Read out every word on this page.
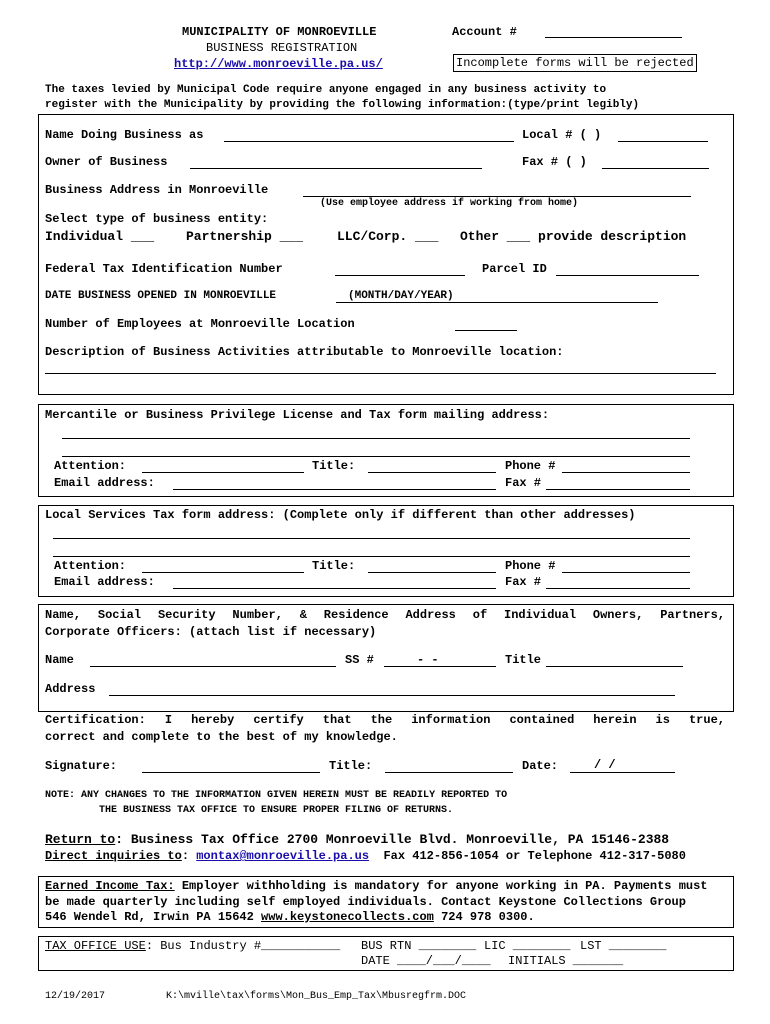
MUNICIPALITY OF MONROEVILLE
BUSINESS REGISTRATION
http://www.monroeville.pa.us/
Account #
Incomplete forms will be rejected
The taxes levied by Municipal Code require anyone engaged in any business activity to
register with the Municipality by providing the following information:(type/print legibly)
Name Doing Business as	Local # ( )
Owner of Business	Fax # ( )
Business Address in Monroeville
(Use employee address if working from home)
Select type of business entity:
Individual ___ Partnership ___	LLC/Corp. ___ Other ___ provide description
Federal Tax Identification Number	Parcel ID
DATE BUSINESS OPENED IN MONROEVILLE	(MONTH/DAY/YEAR)
Number of Employees at Monroeville Location
Description of Business Activities attributable to Monroeville location:
Mercantile or Business Privilege License and Tax form mailing address:
Attention:	Title:	Phone #
Email address:	Fax #
Local Services Tax form address: (Complete only if different than other addresses)
Attention:	Title:	Phone #
Email address:	Fax #
Name, Social Security Number, & Residence Address of Individual Owners, Partners,
Corporate Officers: (attach list if necessary)
Name	SS #	- -	Title
Address
Certification: I hereby certify that the information contained herein is true,
correct and complete to the best of my knowledge.
Signature:	Title:	Date:	/ /
NOTE: ANY CHANGES TO THE INFORMATION GIVEN HEREIN MUST BE READILY REPORTED TO
THE BUSINESS TAX OFFICE TO ENSURE PROPER FILING OF RETURNS.
Return to: Business Tax Office 2700 Monroeville Blvd. Monroeville, PA 15146-2388
Direct inquiries to: montax@monroeville.pa.us Fax 412-856-1054 or Telephone 412-317-5080
Earned Income Tax: Employer withholding is mandatory for anyone working in PA. Payments must
be made quarterly including self employed individuals. Contact Keystone Collections Group
546 Wendel Rd, Irwin PA 15642 www.keystonecollects.com 724 978 0300.
TAX OFFICE USE: Bus Industry #___________ BUS RTN ________ LIC ________ LST ________
DATE ____/___/____ INITIALS _______
12/19/2017	K:\mville\tax\forms\Mon_Bus_Emp_Tax\Mbusregfrm.DOC
